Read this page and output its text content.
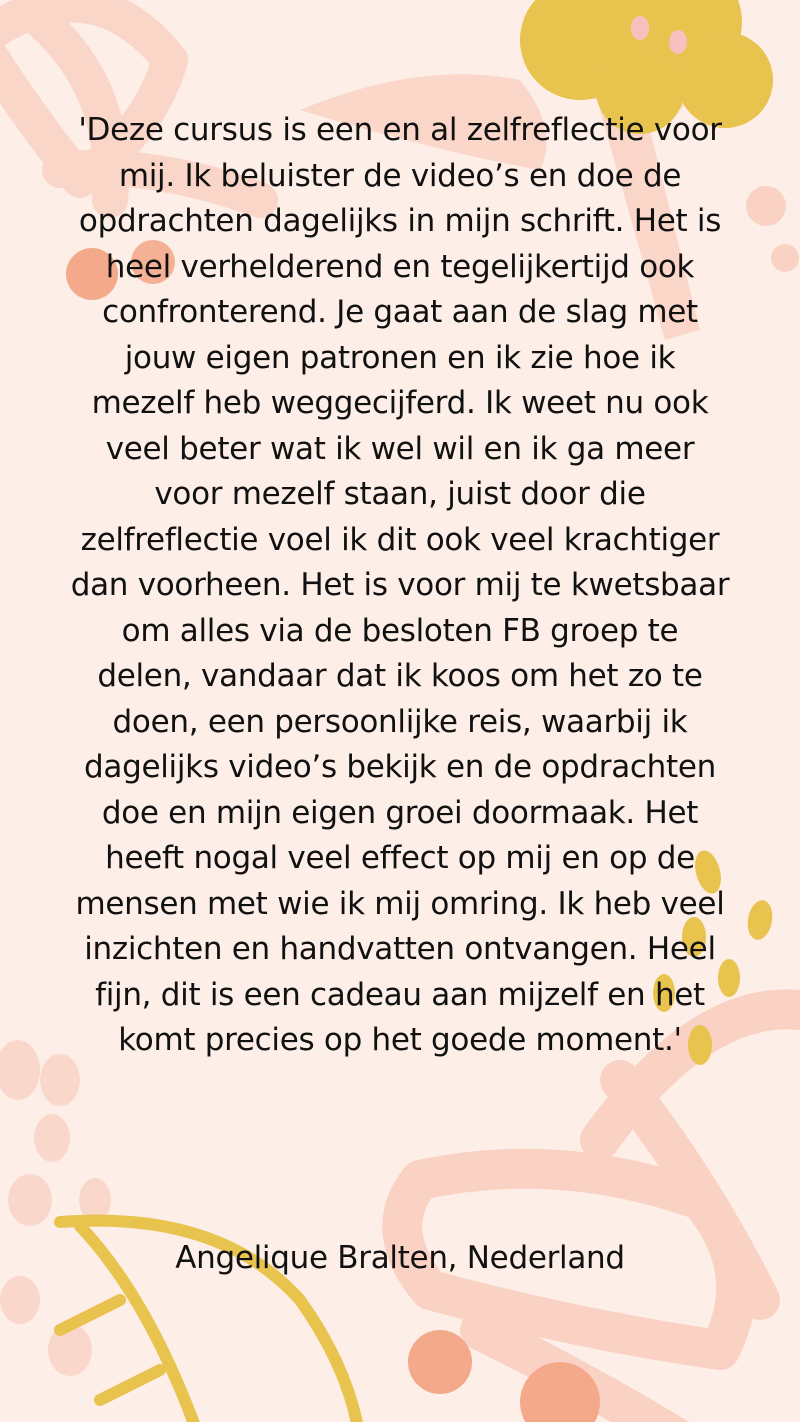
'Deze cursus is een en al zelfreflectie voor mij. Ik beluister de video’s en doe de opdrachten dagelijks in mijn schrift. Het is heel verhelderend en tegelijkertijd ook confronterend. Je gaat aan de slag met jouw eigen patronen en ik zie hoe ik mezelf heb weggecijferd. Ik weet nu ook veel beter wat ik wel wil en ik ga meer voor mezelf staan, juist door die zelfreflectie voel ik dit ook veel krachtiger dan voorheen. Het is voor mij te kwetsbaar om alles via de besloten FB groep te delen, vandaar dat ik koos om het zo te doen, een persoonlijke reis, waarbij ik dagelijks video’s bekijk en de opdrachten doe en mijn eigen groei doormaak. Het heeft nogal veel effect op mij en op de mensen met wie ik mij omring. Ik heb veel inzichten en handvatten ontvangen. Heel fijn, dit is een cadeau aan mijzelf en het komt precies op het goede moment.'

Angelique Bralten, Nederland
